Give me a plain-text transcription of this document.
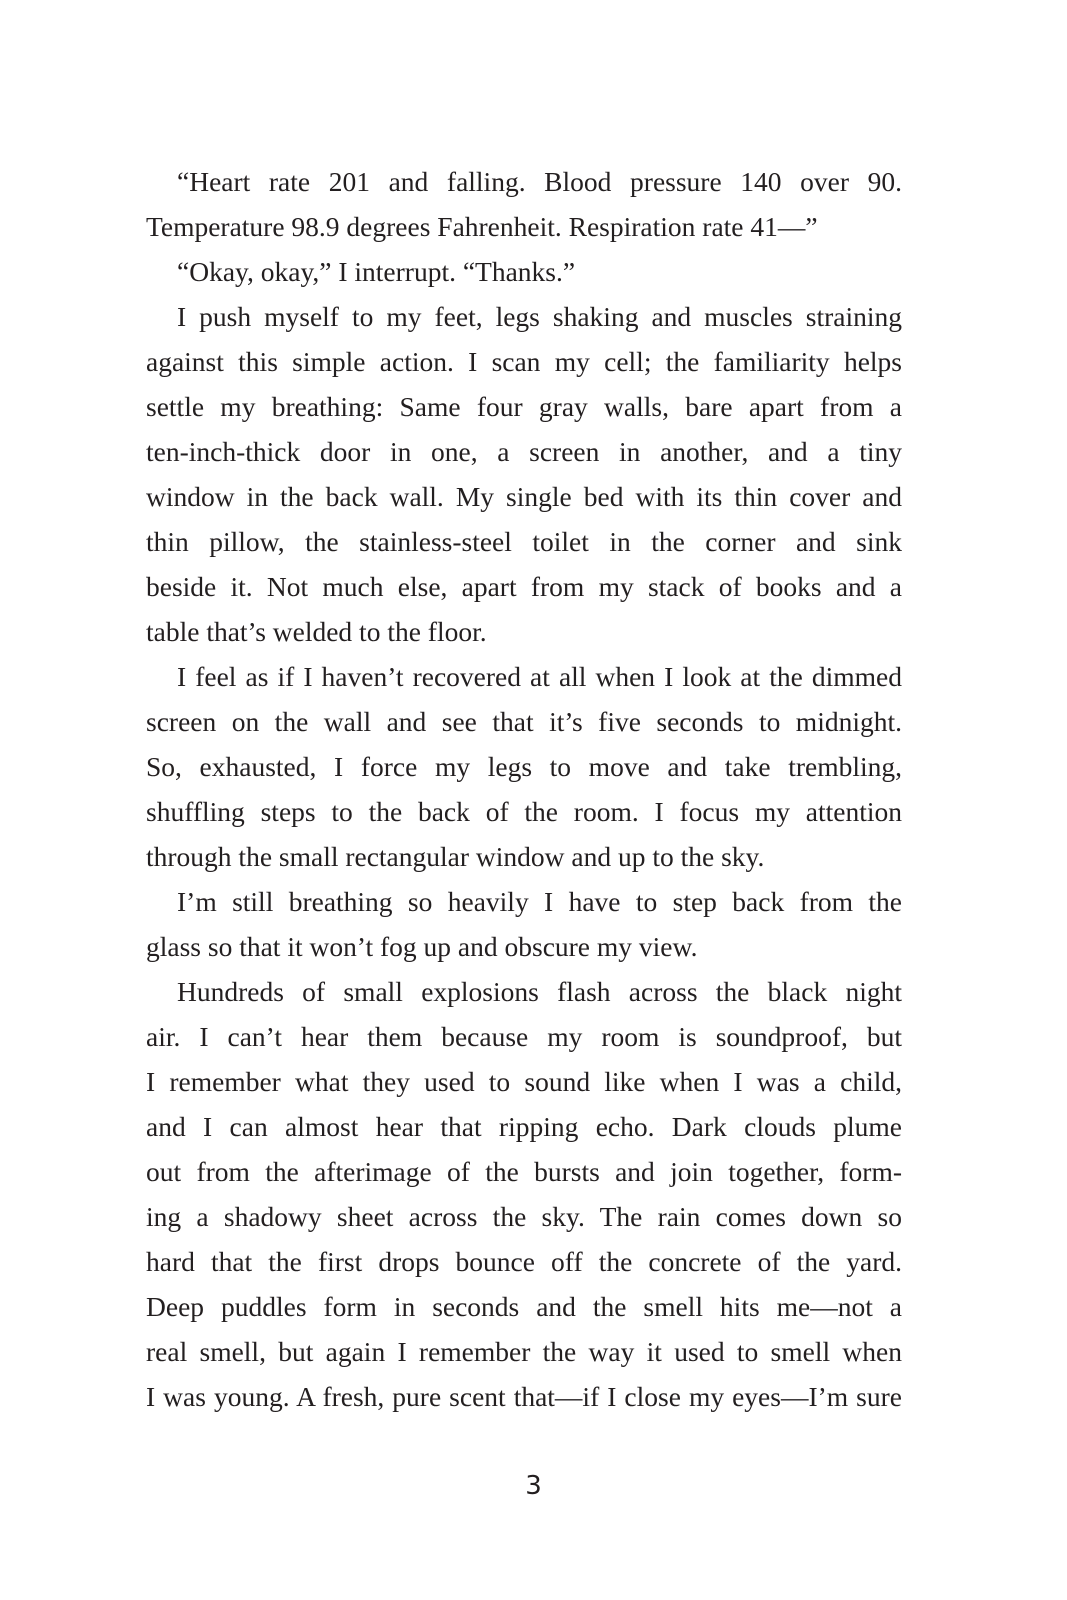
“Heart rate 201 and falling. Blood pressure 140 over 90.
Temperature 98.9 degrees Fahrenheit. Respiration rate 41—”
“Okay, okay,” I interrupt. “Thanks.”
I push myself to my feet, legs shaking and muscles straining
against this simple action. I scan my cell; the familiarity helps
settle my breathing: Same four gray walls, bare apart from a
ten-inch-thick door in one, a screen in another, and a tiny
window in the back wall. My single bed with its thin cover and
thin pillow, the stainless-steel toilet in the corner and sink
beside it. Not much else, apart from my stack of books and a
table that’s welded to the floor.
I feel as if I haven’t recovered at all when I look at the dimmed
screen on the wall and see that it’s five seconds to midnight.
So, exhausted, I force my legs to move and take trembling,
shuffling steps to the back of the room. I focus my attention
through the small rectangular window and up to the sky.
I’m still breathing so heavily I have to step back from the
glass so that it won’t fog up and obscure my view.
Hundreds of small explosions flash across the black night
air. I can’t hear them because my room is soundproof, but
I remember what they used to sound like when I was a child,
and I can almost hear that ripping echo. Dark clouds plume
out from the afterimage of the bursts and join together, form-
ing a shadowy sheet across the sky. The rain comes down so
hard that the first drops bounce off the concrete of the yard.
Deep puddles form in seconds and the smell hits me—not a
real smell, but again I remember the way it used to smell when
I was young. A fresh, pure scent that—if I close my eyes—I’m sure
3
